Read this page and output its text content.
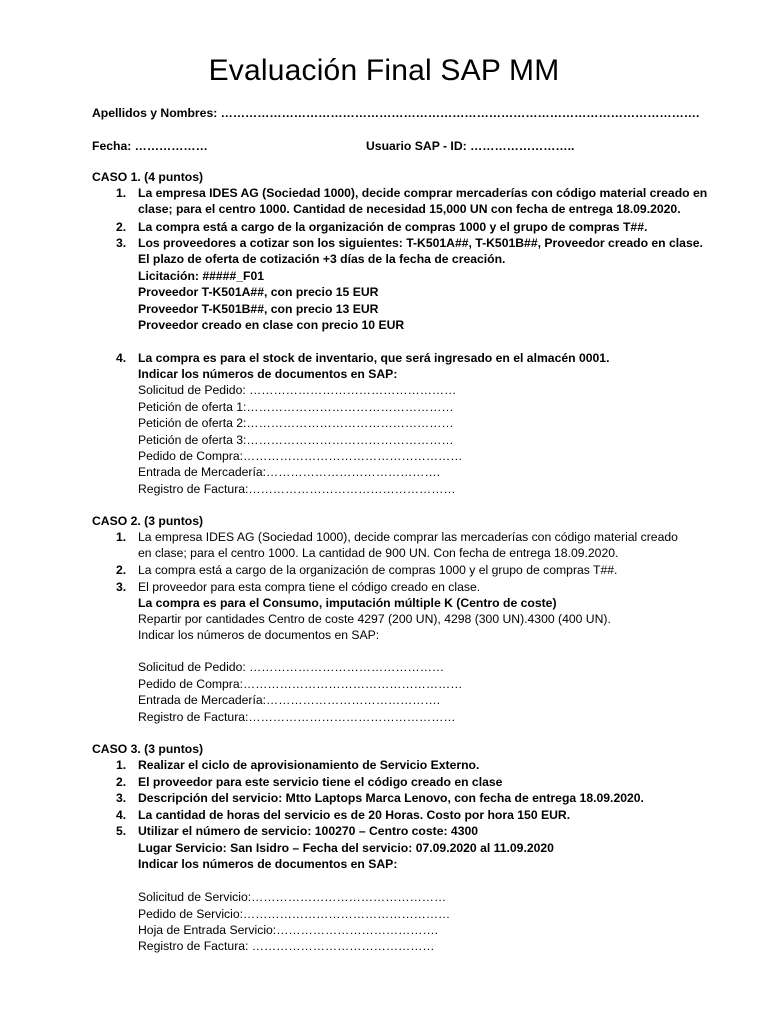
Evaluación Final SAP MM
Apellidos y Nombres: ……………………………………………………………………………………………………….
Fecha: ………………	Usuario SAP - ID: ……………………..
CASO 1. (4 puntos)
1. La empresa IDES AG (Sociedad 1000), decide comprar mercaderías con código material creado en
clase; para el centro 1000. Cantidad de necesidad 15,000 UN con fecha de entrega 18.09.2020.
2. La compra está a cargo de la organización de compras 1000 y el grupo de compras T##.
3. Los proveedores a cotizar son los siguientes: T-K501A##, T-K501B##, Proveedor creado en clase.
El plazo de oferta de cotización +3 días de la fecha de creación.
Licitación: #####_F01
Proveedor T-K501A##, con precio 15 EUR
Proveedor T-K501B##, con precio 13 EUR
Proveedor creado en clase con precio 10 EUR
4. La compra es para el stock de inventario, que será ingresado en el almacén 0001.
Indicar los números de documentos en SAP:
Solicitud de Pedido: ……………………………………………
Petición de oferta 1:……………………………………………
Petición de oferta 2:……………………………………………
Petición de oferta 3:……………………………………………
Pedido de Compra:………………………………………………
Entrada de Mercadería:…………………………………….
Registro de Factura:……………………………………………
CASO 2. (3 puntos)
1. La empresa IDES AG (Sociedad 1000), decide comprar las mercaderías con código material creado
en clase; para el centro 1000. La cantidad de 900 UN. Con fecha de entrega 18.09.2020.
2. La compra está a cargo de la organización de compras 1000 y el grupo de compras T##.
3. El proveedor para esta compra tiene el código creado en clase.
La compra es para el Consumo, imputación múltiple K (Centro de coste)
Repartir por cantidades Centro de coste 4297 (200 UN), 4298 (300 UN).4300 (400 UN).
Indicar los números de documentos en SAP:
Solicitud de Pedido: …………………………………………
Pedido de Compra:………………………………………………
Entrada de Mercadería:…………………………………….
Registro de Factura:……………………………………………
CASO 3. (3 puntos)
1. Realizar el ciclo de aprovisionamiento de Servicio Externo.
2. El proveedor para este servicio tiene el código creado en clase
3. Descripción del servicio: Mtto Laptops Marca Lenovo, con fecha de entrega 18.09.2020.
4. La cantidad de horas del servicio es de 20 Horas. Costo por hora 150 EUR.
5. Utilizar el número de servicio: 100270 – Centro coste: 4300
Lugar Servicio: San Isidro – Fecha del servicio: 07.09.2020 al 11.09.2020
Indicar los números de documentos en SAP:
Solicitud de Servicio:…………………………………………
Pedido de Servicio:……………………………………………
Hoja de Entrada Servicio:………………………………….
Registro de Factura: ………………………………………
